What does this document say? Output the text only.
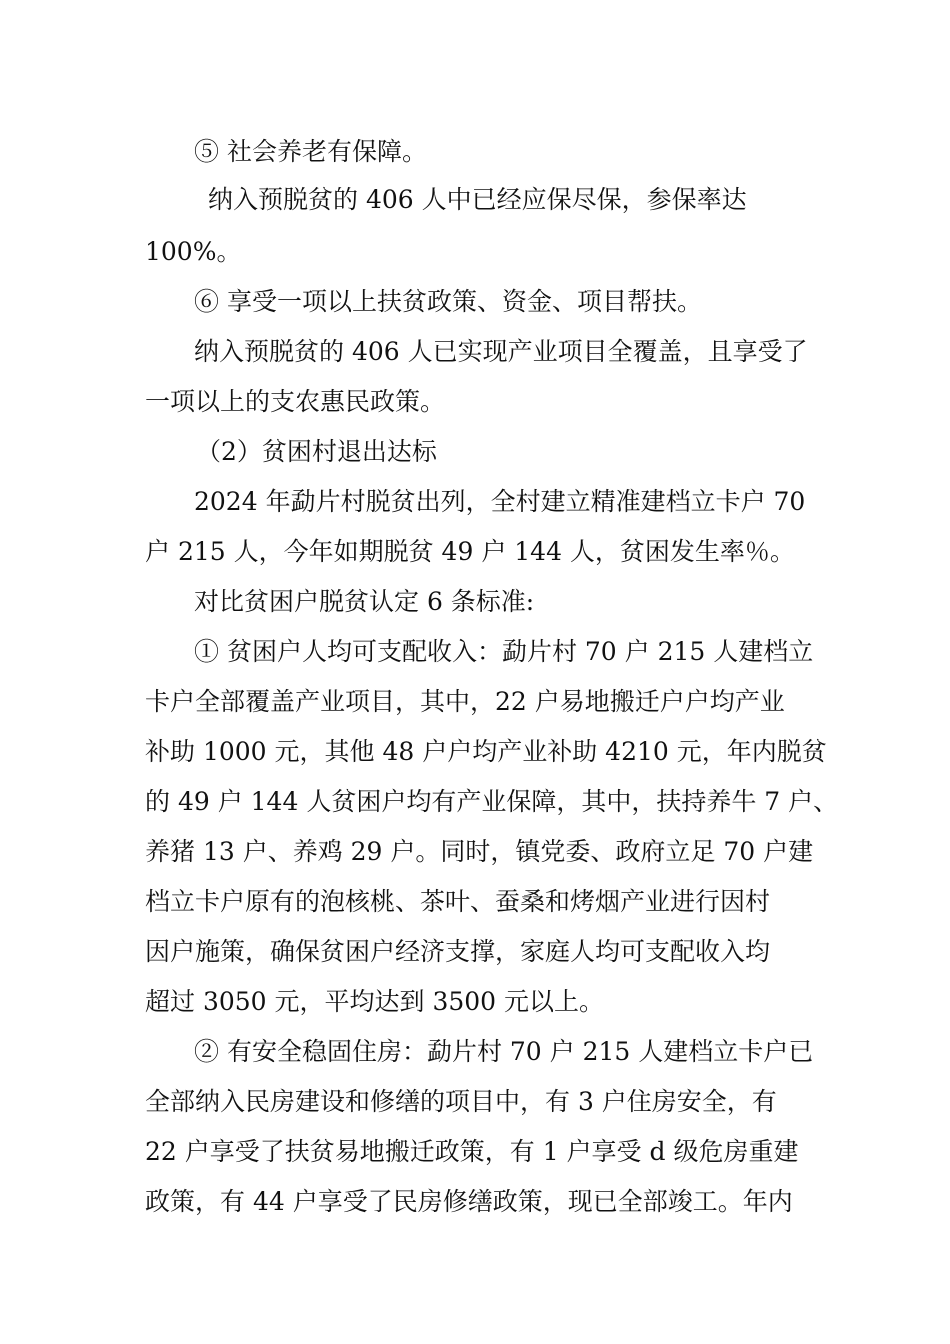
⑤ 社会养老有保障。
纳入预脱贫的 406 人中已经应保尽保，参保率达
100%。
⑥ 享受一项以上扶贫政策、资金、项目帮扶。
纳入预脱贫的 406 人已实现产业项目全覆盖，且享受了
一项以上的支农惠民政策。
（2）贫困村退出达标
2024 年勐片村脱贫出列，全村建立精准建档立卡户 70
户 215 人，今年如期脱贫 49 户 144 人，贫困发生率％。
对比贫困户脱贫认定 6 条标准:
① 贫困户人均可支配收入：勐片村 70 户 215 人建档立
卡户全部覆盖产业项目，其中，22 户易地搬迁户户均产业
补助 1000 元，其他 48 户户均产业补助 4210 元，年内脱贫
的 49 户 144 人贫困户均有产业保障，其中，扶持养牛 7 户、
养猪 13 户、养鸡 29 户。同时，镇党委、政府立足 70 户建
档立卡户原有的泡核桃、茶叶、蚕桑和烤烟产业进行因村
因户施策，确保贫困户经济支撑，家庭人均可支配收入均
超过 3050 元，平均达到 3500 元以上。
② 有安全稳固住房：勐片村 70 户 215 人建档立卡户已
全部纳入民房建设和修缮的项目中，有 3 户住房安全，有
22 户享受了扶贫易地搬迁政策，有 1 户享受 d 级危房重建
政策，有 44 户享受了民房修缮政策，现已全部竣工。年内
